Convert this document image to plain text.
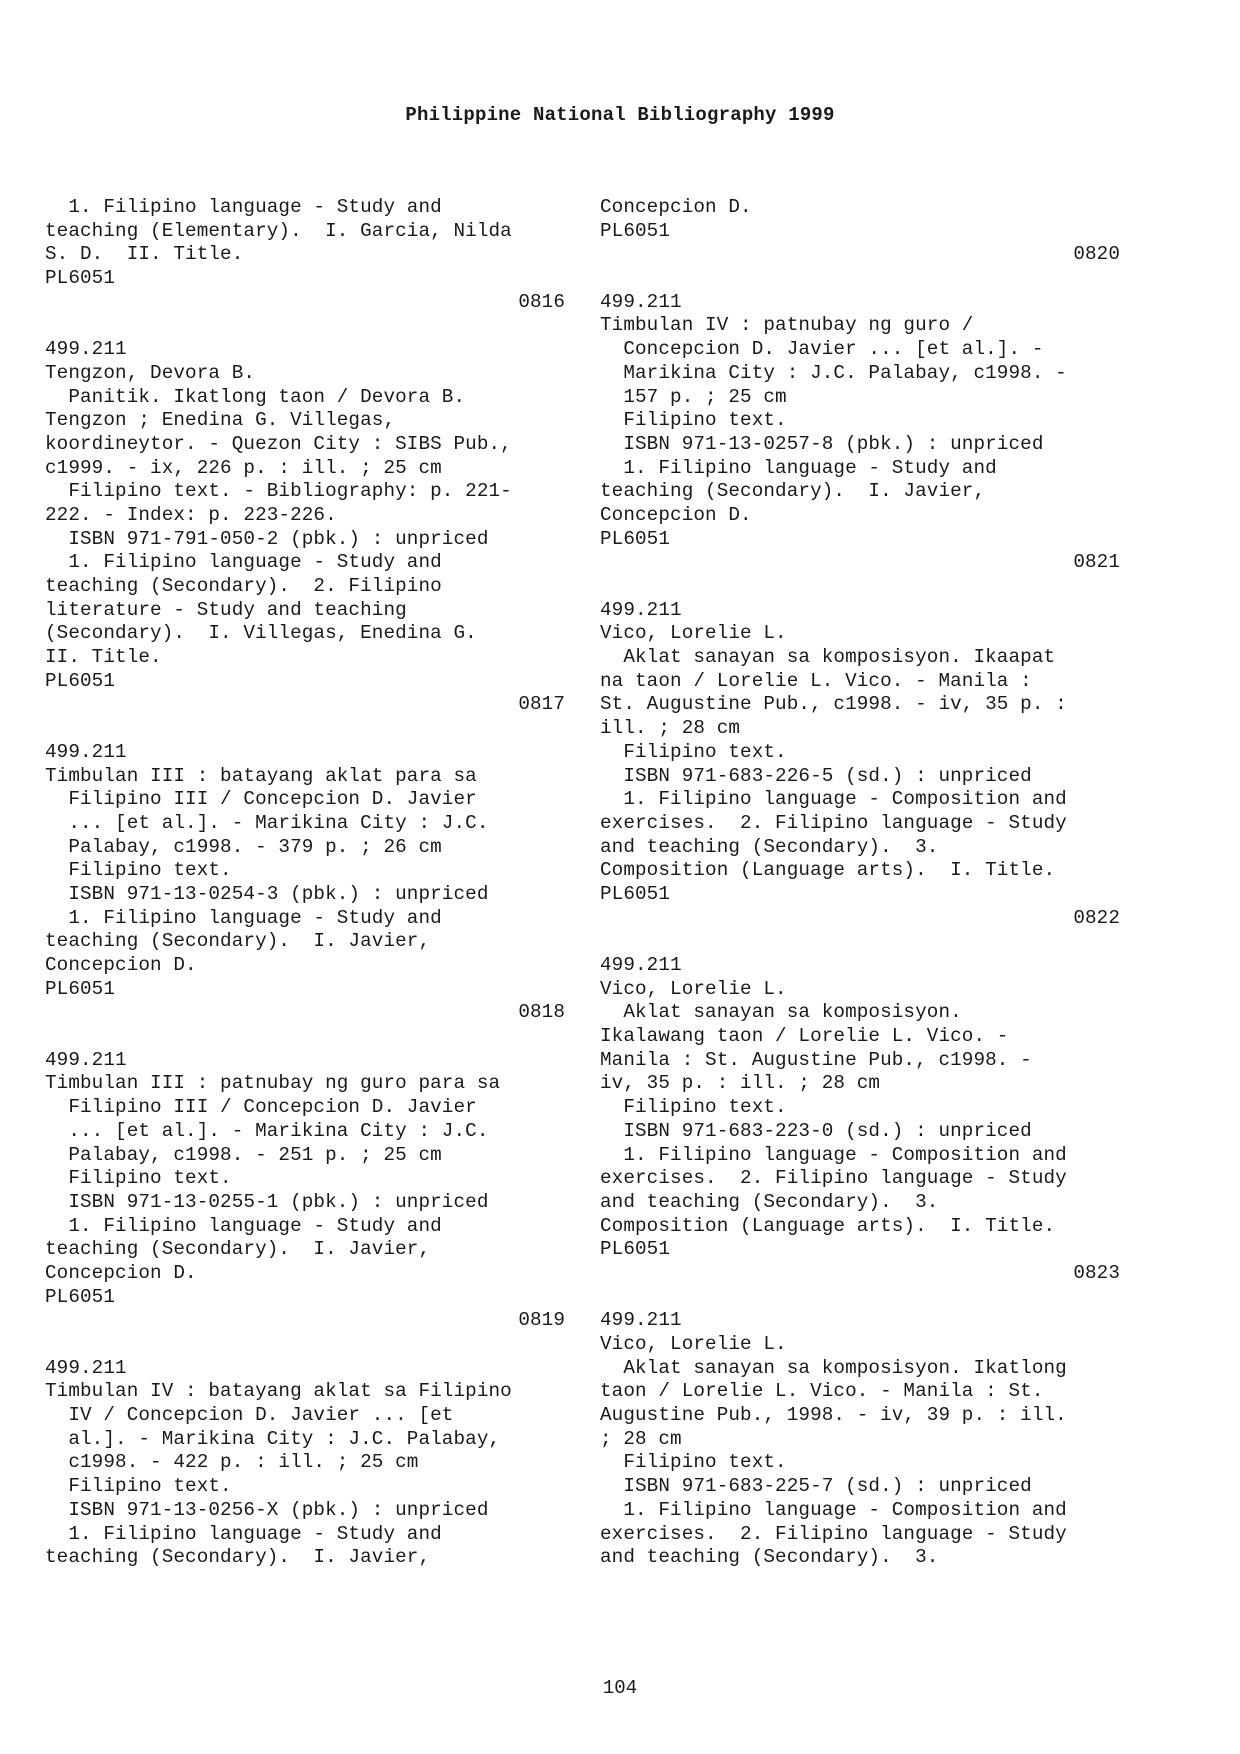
Philippine National Bibliography 1999
1. Filipino language - Study and
teaching (Elementary).  I. Garcia, Nilda
S. D.  II. Title.
PL6051
0816
499.211
Tengzon, Devora B.
Panitik. Ikatlong taon / Devora B.
Tengzon ; Enedina G. Villegas,
koordineytor. - Quezon City : SIBS Pub.,
c1999. - ix, 226 p. : ill. ; 25 cm
Filipino text. - Bibliography: p. 221-
222. - Index: p. 223-226.
ISBN 971-791-050-2 (pbk.) : unpriced
1. Filipino language - Study and
teaching (Secondary).  2. Filipino
literature - Study and teaching
(Secondary).  I. Villegas, Enedina G.
II. Title.
PL6051
0817
499.211
Timbulan III : batayang aklat para sa
Filipino III / Concepcion D. Javier
... [et al.]. - Marikina City : J.C.
Palabay, c1998. - 379 p. ; 26 cm
Filipino text.
ISBN 971-13-0254-3 (pbk.) : unpriced
1. Filipino language - Study and
teaching (Secondary).  I. Javier,
Concepcion D.
PL6051
0818
499.211
Timbulan III : patnubay ng guro para sa
Filipino III / Concepcion D. Javier
... [et al.]. - Marikina City : J.C.
Palabay, c1998. - 251 p. ; 25 cm
Filipino text.
ISBN 971-13-0255-1 (pbk.) : unpriced
1. Filipino language - Study and
teaching (Secondary).  I. Javier,
Concepcion D.
PL6051
0819
499.211
Timbulan IV : batayang aklat sa Filipino
IV / Concepcion D. Javier ... [et
al.]. - Marikina City : J.C. Palabay,
c1998. - 422 p. : ill. ; 25 cm
Filipino text.
ISBN 971-13-0256-X (pbk.) : unpriced
1. Filipino language - Study and
teaching (Secondary).  I. Javier,
Concepcion D.
PL6051
0820
499.211
Timbulan IV : patnubay ng guro /
Concepcion D. Javier ... [et al.]. -
Marikina City : J.C. Palabay, c1998. -
157 p. ; 25 cm
Filipino text.
ISBN 971-13-0257-8 (pbk.) : unpriced
1. Filipino language - Study and
teaching (Secondary).  I. Javier,
Concepcion D.
PL6051
0821
499.211
Vico, Lorelie L.
Aklat sanayan sa komposisyon. Ikaapat
na taon / Lorelie L. Vico. - Manila :
St. Augustine Pub., c1998. - iv, 35 p. :
ill. ; 28 cm
Filipino text.
ISBN 971-683-226-5 (sd.) : unpriced
1. Filipino language - Composition and
exercises.  2. Filipino language - Study
and teaching (Secondary).  3.
Composition (Language arts).  I. Title.
PL6051
0822
499.211
Vico, Lorelie L.
Aklat sanayan sa komposisyon.
Ikalawang taon / Lorelie L. Vico. -
Manila : St. Augustine Pub., c1998. -
iv, 35 p. : ill. ; 28 cm
Filipino text.
ISBN 971-683-223-0 (sd.) : unpriced
1. Filipino language - Composition and
exercises.  2. Filipino language - Study
and teaching (Secondary).  3.
Composition (Language arts).  I. Title.
PL6051
0823
499.211
Vico, Lorelie L.
Aklat sanayan sa komposisyon. Ikatlong
taon / Lorelie L. Vico. - Manila : St.
Augustine Pub., 1998. - iv, 39 p. : ill.
; 28 cm
Filipino text.
ISBN 971-683-225-7 (sd.) : unpriced
1. Filipino language - Composition and
exercises.  2. Filipino language - Study
and teaching (Secondary).  3.
104
